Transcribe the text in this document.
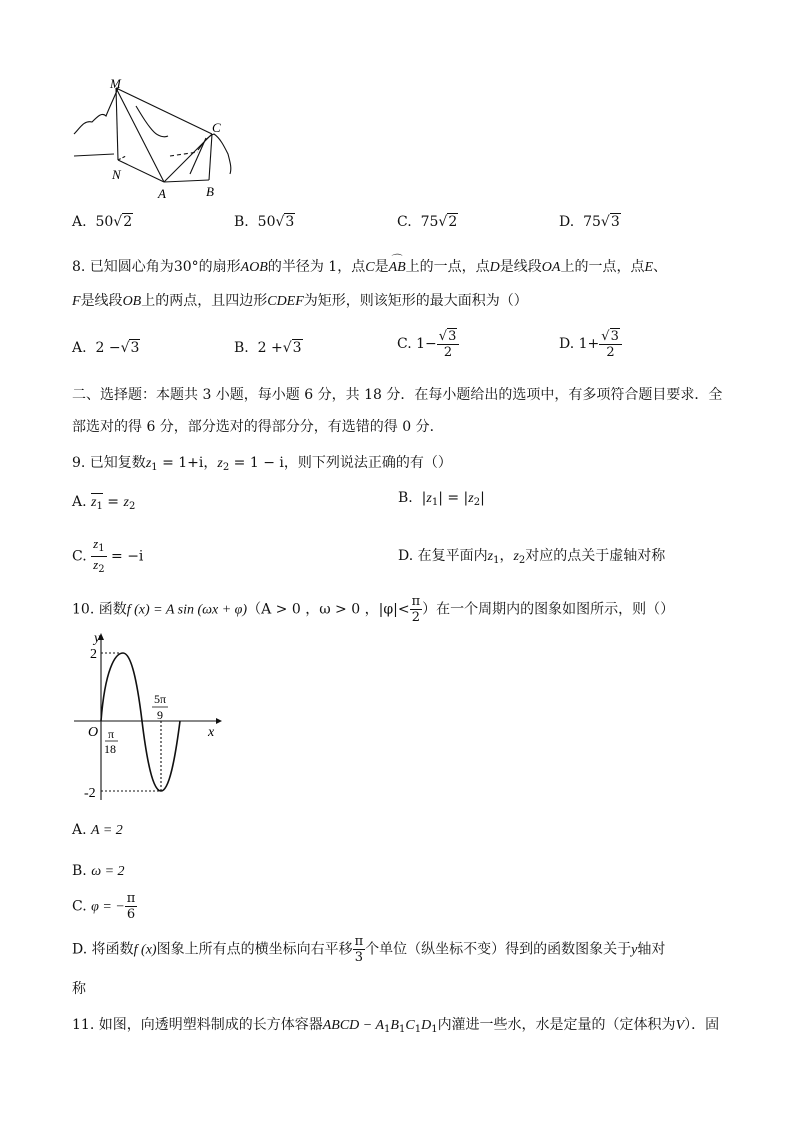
M
C
N
A	B
A. 50√2	B. 50√3	C. 75√2	D. 75√3
8. 已知圆心角为30°的扇形AOB的半径为 1，点C是⌒ AB上的一点，点D是线段OA上的一点，点E、
F是线段OB上的两点，且四边形CDEF为矩形，则该矩形的最大面积为（）
A. 2 −√3	B. 2 +√3	C. $1- \frac{√3}{2}$	D. $1+ \frac{√3}{2}$
二、选择题：本题共 3 小题，每小题 6 分，共 18 分．在每小题给出的选项中，有多项符合题目要求．全
部选对的得 6 分，部分选对的得部分分，有选错的得 0 分．
9. 已知复数$z_1 = 1+i$，$z_2 = 1 - i$，则下列说法正确的有（）
A. $z_1 = z_2$
B.  $|z_1| = |z_2|$
C. $\frac{z_1}{z_2} = -i$	D. 在复平面内$z_1$，$z_2$对应的点关于虚轴对称
10. 函数f (x) = A sin (ωx + φ)（A > 0 ，ω > 0 ，$|\varphi|< \frac{\pi}{2}$ ）在一个周期内的图象如图所示，则（）
y
x
O
2
-2
π
18
5π
9
A. A = 2
B. ω = 2
C. φ = − $\frac{\pi}{6}$
D. 将函数f (x)图象上所有点的横坐标向右平移 $\frac{\pi}{3}$ 个单位（纵坐标不变）得到的函数图象关于y轴对
称
11. 如图，向透明塑料制成的长方体容器ABCD − $A_1B_1C_1D_1$内灌进一些水，水是定量的（定体积为V）．固
